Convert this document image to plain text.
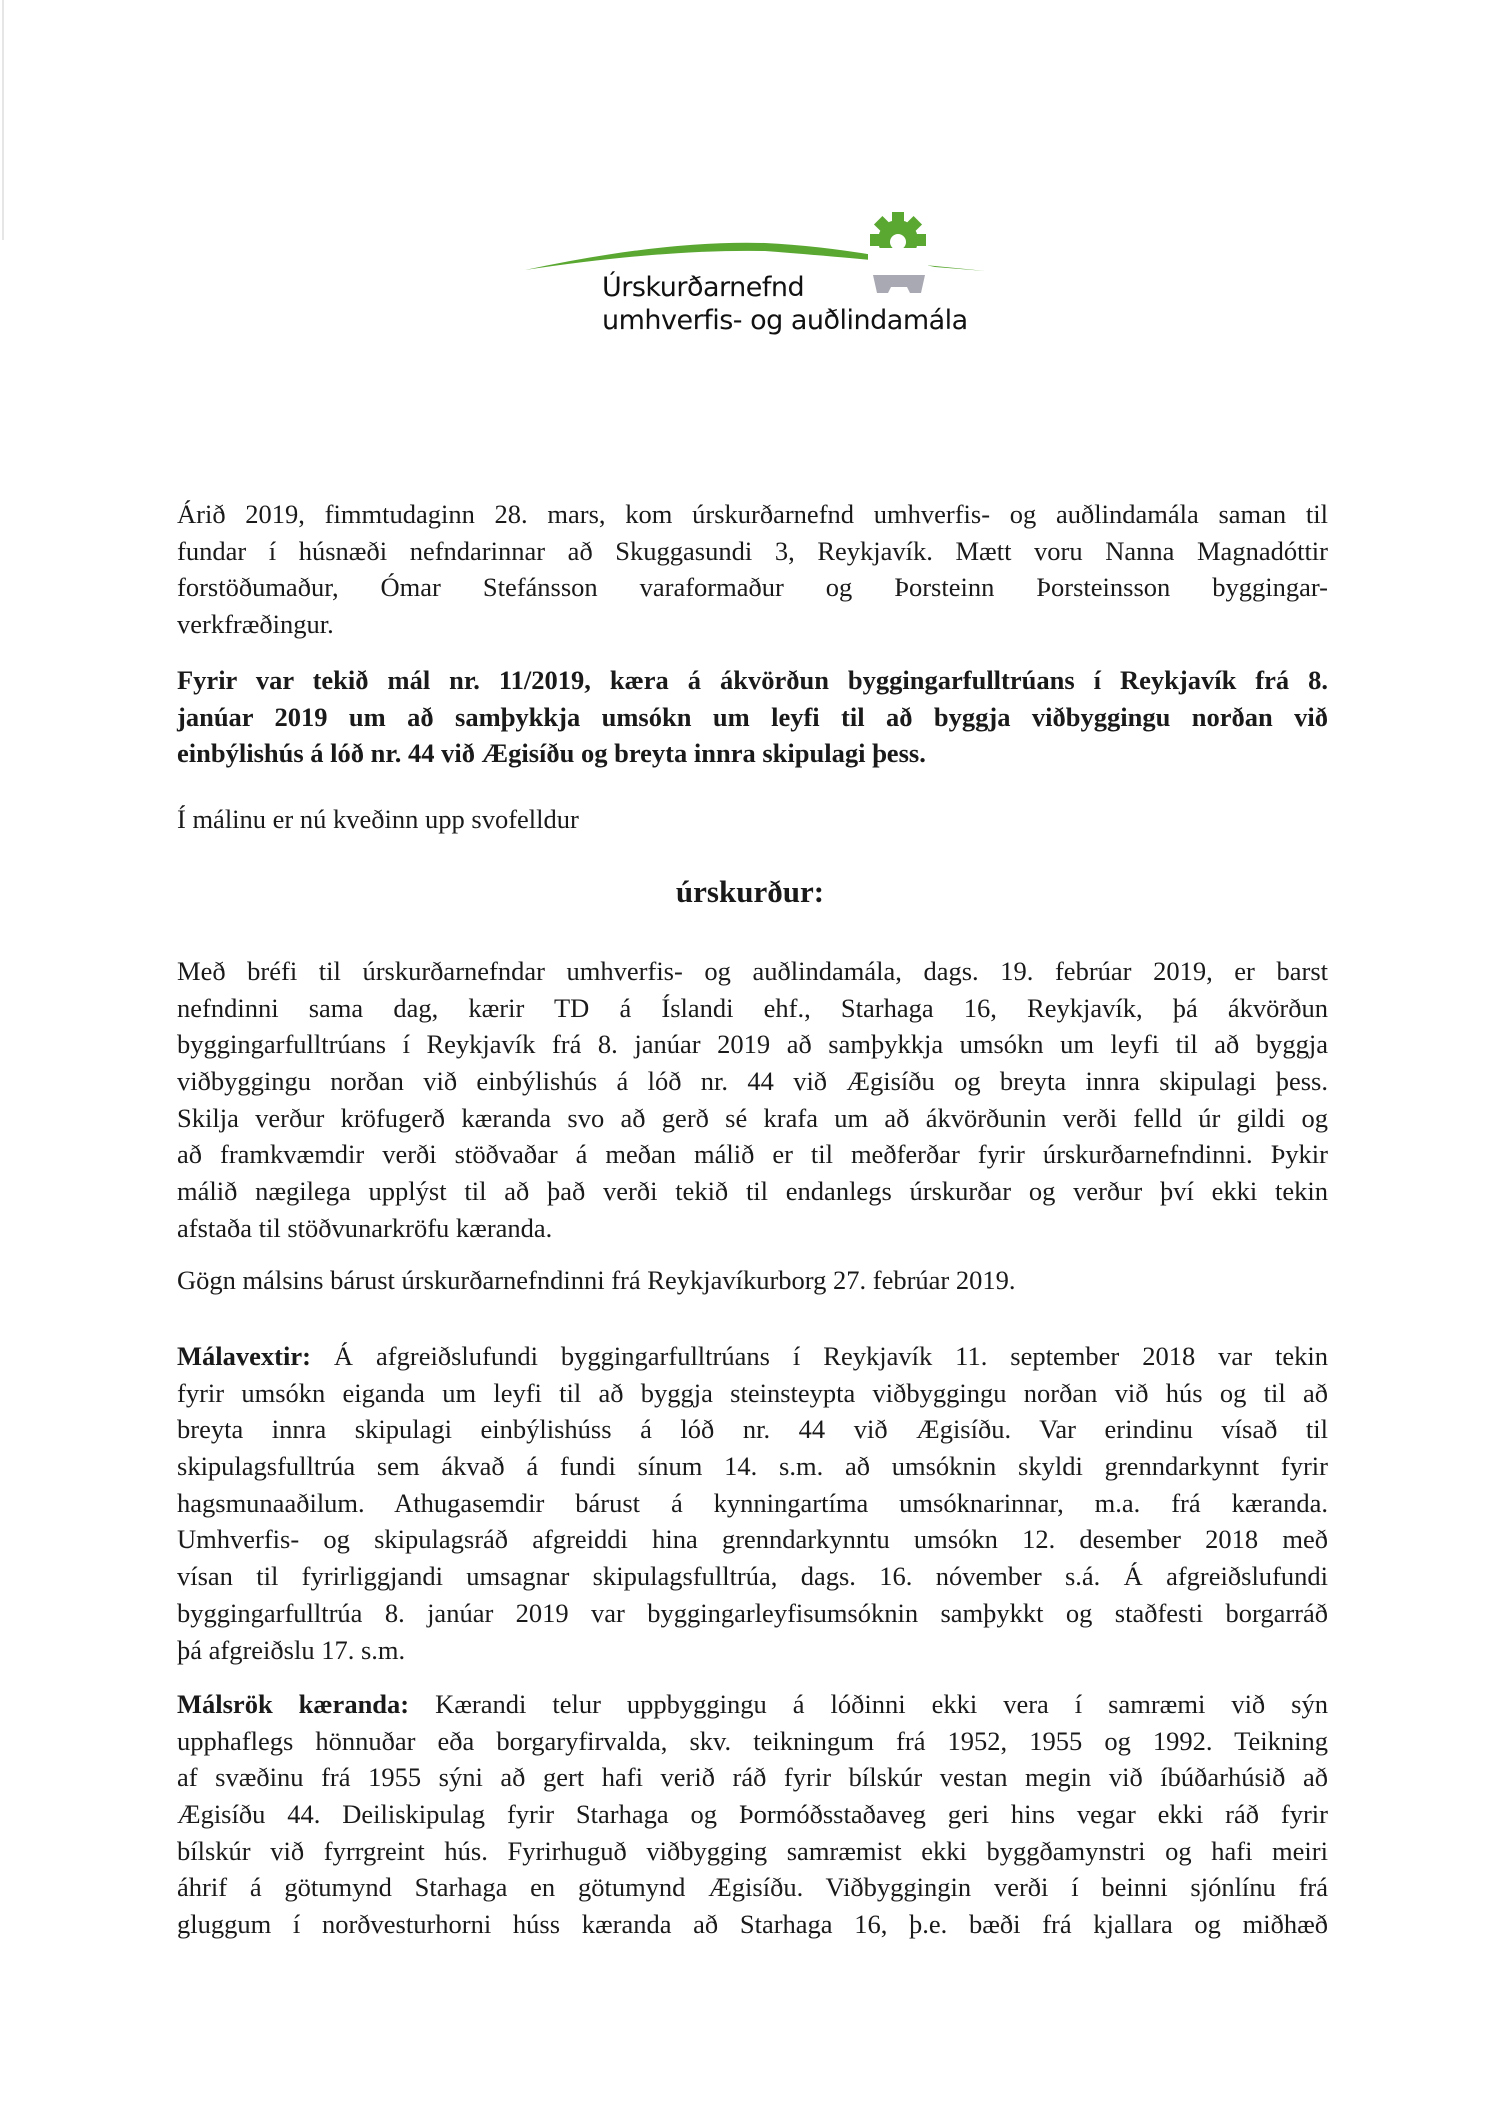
Úrskurðarnefnd
umhverfis- og auðlindamála
Árið 2019, fimmtudaginn 28. mars, kom úrskurðarnefnd umhverfis- og auðlindamála saman til
fundar í húsnæði nefndarinnar að Skuggasundi 3, Reykjavík. Mætt voru Nanna Magnadóttir
forstöðumaður, Ómar Stefánsson varaformaður og Þorsteinn Þorsteinsson byggingar-
verkfræðingur.
Fyrir var tekið mál nr. 11/2019, kæra á ákvörðun byggingarfulltrúans í Reykjavík frá 8.
janúar 2019 um að samþykkja umsókn um leyfi til að byggja viðbyggingu norðan við
einbýlishús á lóð nr. 44 við Ægisíðu og breyta innra skipulagi þess.
Í málinu er nú kveðinn upp svofelldur
úrskurður:
Með bréfi til úrskurðarnefndar umhverfis- og auðlindamála, dags. 19. febrúar 2019, er barst
nefndinni sama dag, kærir TD á Íslandi ehf., Starhaga 16, Reykjavík, þá ákvörðun
byggingarfulltrúans í Reykjavík frá 8. janúar 2019 að samþykkja umsókn um leyfi til að byggja
viðbyggingu norðan við einbýlishús á lóð nr. 44 við Ægisíðu og breyta innra skipulagi þess.
Skilja verður kröfugerð kæranda svo að gerð sé krafa um að ákvörðunin verði felld úr gildi og
að framkvæmdir verði stöðvaðar á meðan málið er til meðferðar fyrir úrskurðarnefndinni. Þykir
málið nægilega upplýst til að það verði tekið til endanlegs úrskurðar og verður því ekki tekin
afstaða til stöðvunarkröfu kæranda.
Gögn málsins bárust úrskurðarnefndinni frá Reykjavíkurborg 27. febrúar 2019.
Málavextir: Á afgreiðslufundi byggingarfulltrúans í Reykjavík 11. september 2018 var tekin
fyrir umsókn eiganda um leyfi til að byggja steinsteypta viðbyggingu norðan við hús og til að
breyta innra skipulagi einbýlishúss á lóð nr. 44 við Ægisíðu. Var erindinu vísað til
skipulagsfulltrúa sem ákvað á fundi sínum 14. s.m. að umsóknin skyldi grenndarkynnt fyrir
hagsmunaaðilum. Athugasemdir bárust á kynningartíma umsóknarinnar, m.a. frá kæranda.
Umhverfis- og skipulagsráð afgreiddi hina grenndarkynntu umsókn 12. desember 2018 með
vísan til fyrirliggjandi umsagnar skipulagsfulltrúa, dags. 16. nóvember s.á. Á afgreiðslufundi
byggingarfulltrúa 8. janúar 2019 var byggingarleyfisumsóknin samþykkt og staðfesti borgarráð
þá afgreiðslu 17. s.m.
Málsrök kæranda: Kærandi telur uppbyggingu á lóðinni ekki vera í samræmi við sýn
upphaflegs hönnuðar eða borgaryfirvalda, skv. teikningum frá 1952, 1955 og 1992. Teikning
af svæðinu frá 1955 sýni að gert hafi verið ráð fyrir bílskúr vestan megin við íbúðarhúsið að
Ægisíðu 44. Deiliskipulag fyrir Starhaga og Þormóðsstaðaveg geri hins vegar ekki ráð fyrir
bílskúr við fyrrgreint hús. Fyrirhuguð viðbygging samræmist ekki byggðamynstri og hafi meiri
áhrif á götumynd Starhaga en götumynd Ægisíðu. Viðbyggingin verði í beinni sjónlínu frá
gluggum í norðvesturhorni húss kæranda að Starhaga 16, þ.e. bæði frá kjallara og miðhæð
